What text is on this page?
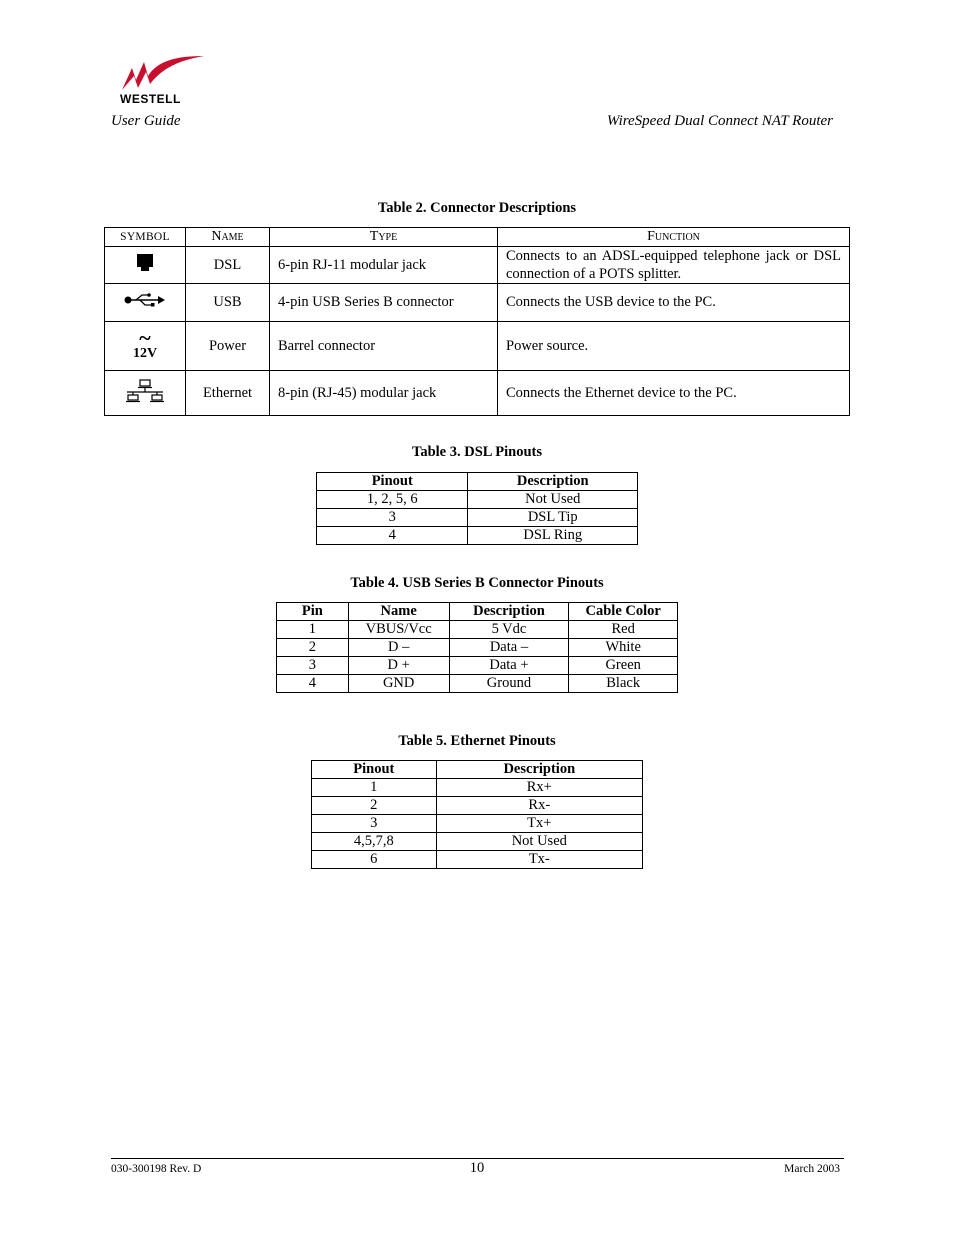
WESTELL
User Guide	WireSpeed Dual Connect NAT Router
Table 2. Connector Descriptions
SYMBOL	Name	Type	Function
	DSL	6-pin RJ-11 modular jack	Connects to an ADSL-equipped telephone jack or DSL connection of a POTS splitter.
	USB	4-pin USB Series B connector	Connects the USB device to the PC.

~
12V	Power	Barrel connector	Power source.
	Ethernet	8-pin (RJ-45) modular jack	Connects the Ethernet device to the PC.
Table 3. DSL Pinouts
Pinout	Description
1, 2, 5, 6	Not Used
3	DSL Tip
4	DSL Ring
Table 4. USB Series B Connector Pinouts
Pin	Name	Description	Cable Color
1	VBUS/Vcc	5 Vdc	Red
2	D –	Data –	White
3	D +	Data +	Green
4	GND	Ground	Black
Table 5. Ethernet Pinouts
Pinout	Description
1	Rx+
2	Rx-
3	Tx+
4,5,7,8	Not Used
6	Tx-
030-300198 Rev. D	10	March 2003
